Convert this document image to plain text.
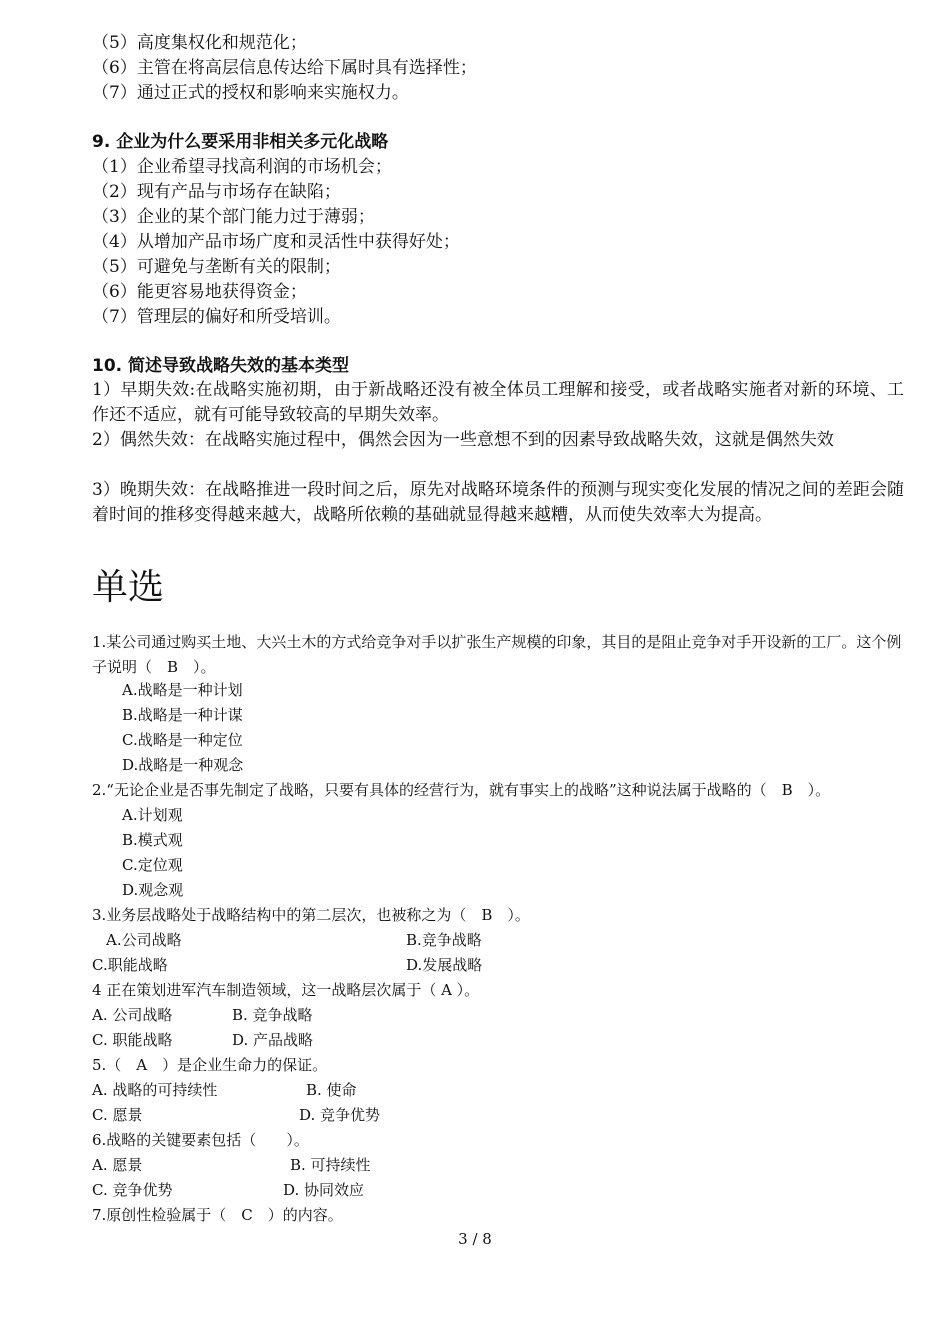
（5）高度集权化和规范化；
（6）主管在将高层信息传达给下属时具有选择性；
（7）通过正式的授权和影响来实施权力。
9. 企业为什么要采用非相关多元化战略
（1）企业希望寻找高利润的市场机会；
（2）现有产品与市场存在缺陷；
（3）企业的某个部门能力过于薄弱；
（4）从增加产品市场广度和灵活性中获得好处；
（5）可避免与垄断有关的限制；
（6）能更容易地获得资金；
（7）管理层的偏好和所受培训。
10. 简述导致战略失效的基本类型

1）早期失效:在战略实施初期，由于新战略还没有被全体员工理解和接受，或者战略实施者对新的环境、工作还不适应，就有可能导致较高的早期失效率。

2）偶然失效：在战略实施过程中，偶然会因为一些意想不到的因素导致战略失效，这就是偶然失效

3）晚期失效：在战略推进一段时间之后，原先对战略环境条件的预测与现实变化发展的情况之间的差距会随着时间的推移变得越来越大，战略所依赖的基础就显得越来越糟，从而使失效率大为提高。

单选

1.某公司通过购买土地、大兴土木的方式给竞争对手以扩张生产规模的印象，其目的是阻止竞争对手开设新的工厂。这个例子说明（　B　）。

A.战略是一种计划
B.战略是一种计谋
C.战略是一种定位
D.战略是一种观念
2.“无论企业是否事先制定了战略，只要有具体的经营行为，就有事实上的战略”这种说法属于战略的（　B　）。
A.计划观
B.模式观
C.定位观
D.观念观
3.业务层战略处于战略结构中的第二层次，也被称之为（　B　）。
A.公司战略	B.竞争战略
C.职能战略	D.发展战略
4 正在策划进军汽车制造领域，这一战略层次属于（ A ）。
A. 公司战略	B. 竞争战略
C. 职能战略	D. 产品战略
5.（　A　）是企业生命力的保证。
A. 战略的可持续性	B. 使命
C. 愿景	D. 竞争优势
6.战略的关键要素包括（　　）。
A. 愿景	B. 可持续性
C. 竞争优势	D. 协同效应
7.原创性检验属于（　C　）的内容。
3 / 8
